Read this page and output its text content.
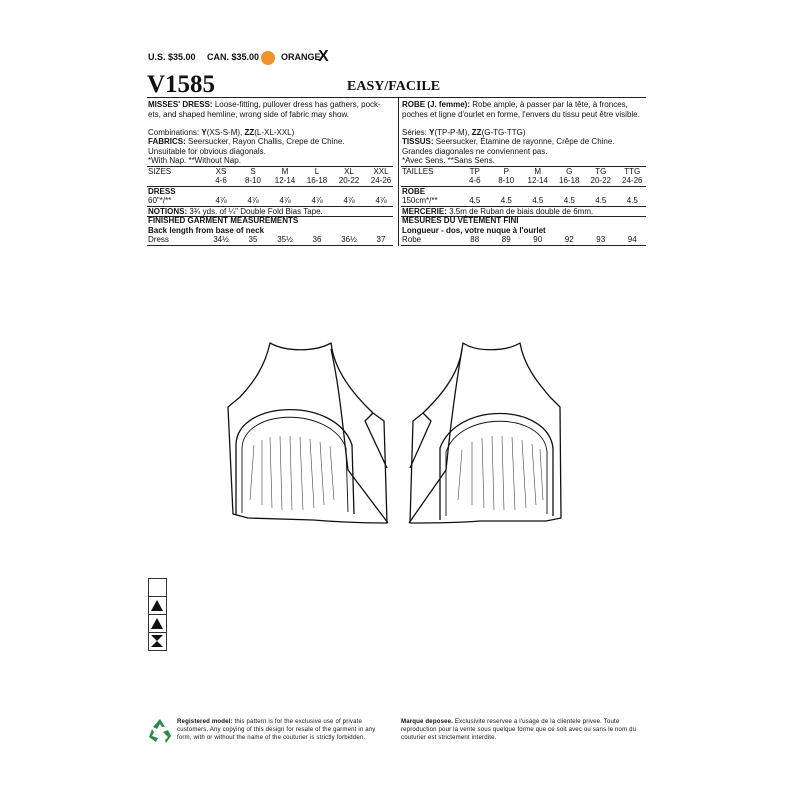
U.S. $35.00 CAN. $35.00 ORANGE
X
V1585	EASY/FACILE
MISSES' DRESS: Loose-fitting, pullover dress has gathers, pock-
ets, and shaped hemline, wrong side of fabric may show.
Combinations: Y(XS-S-M), ZZ(L-XL-XXL)
FABRICS: Seersucker, Rayon Challis, Crepe de Chine.
Unsuitable for obvious diagonals.
*With Nap. **Without Nap.
SIZES	XS	S	M	L	XL	XXL
4-6	8-10	12-14	16-18	20-22	24-26
DRESS
60"*/**	4⅞	4⅞	4⅞	4⅞	4⅞	4⅞
NOTIONS: 3¾ yds. of ¼" Double Fold Bias Tape.
FINISHED GARMENT MEASUREMENTS
Back length from base of neck
Dress	34½	35	35½	36	36½	37
ROBE (J. femme): Robe ample, à passer par la tête, à fronces,
poches et ligne d'ourlet en forme, l'envers du tissu peut être visible.
Séries: Y(TP-P-M), ZZ(G-TG-TTG)
TISSUS: Seersucker, Étamine de rayonne, Crêpe de Chine.
Grandes diagonales ne conviennent pas.
*Avec Sens. **Sans Sens.
TAILLES	TP	P	M	G	TG	TTG
4-6	8-10	12-14	16-18	20-22	24-26
ROBE
150cm*/**	4.5	4.5	4.5	4.5	4.5	4.5
MERCERIE: 3.5m de Ruban de biais double de 6mm.
MESURES DU VÊTEMENT FINI
Longueur - dos, votre nuque à l'ourlet
Robe	88	89	90	92	93	94
Registered model: this pattern is for the exclusive use of private customers. Any copying of this design for resale of the garment in any form, with or without the name of the couturier is strictly forbidden.
Marque deposee. Exclusivite reservee a l'usage de la clientele privee. Toute reproduction pour la vente sous quelque forme que ce soit avec ou sans le nom du couturier est strictement interdite.
